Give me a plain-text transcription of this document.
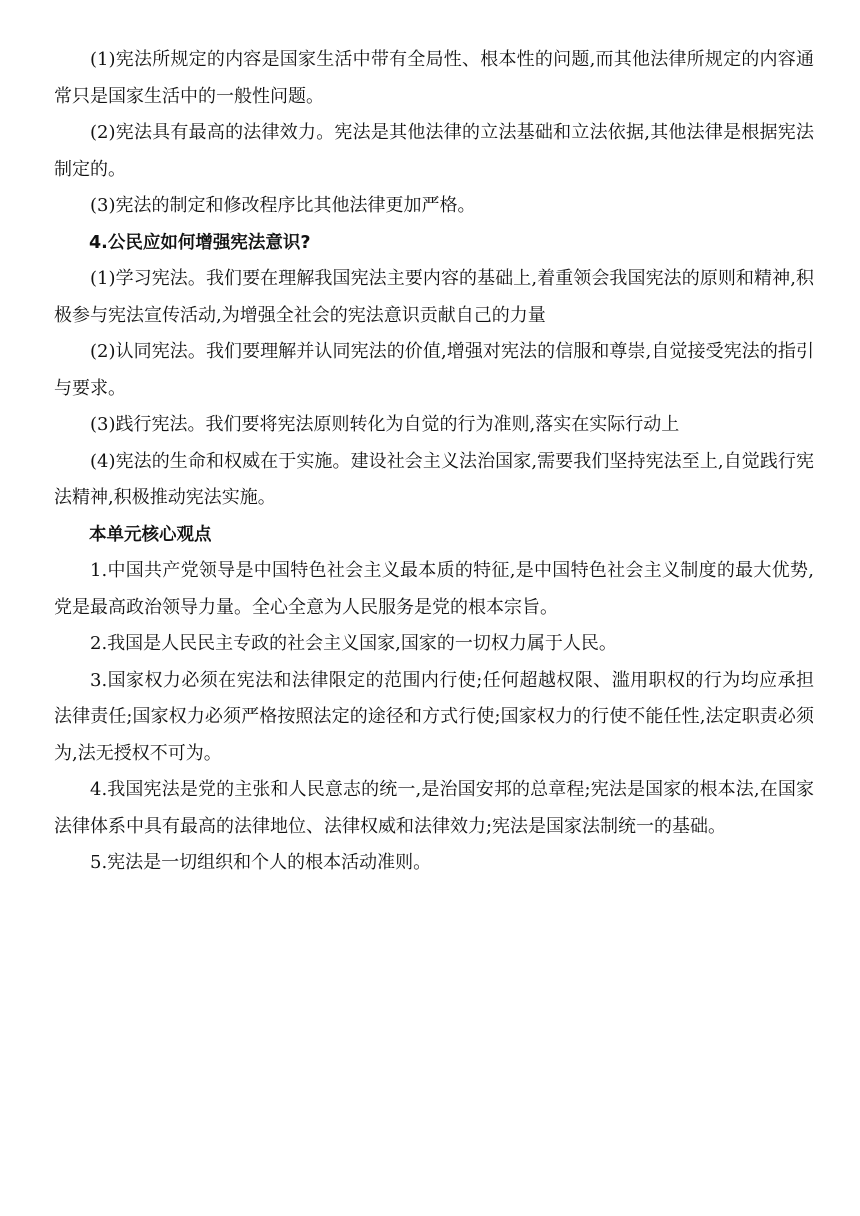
(1)宪法所规定的内容是国家生活中带有全局性、根本性的问题,而其他法律所规定的内容通常只是国家生活中的一般性问题。

(2)宪法具有最高的法律效力。宪法是其他法律的立法基础和立法依据,其他法律是根据宪法制定的。

(3)宪法的制定和修改程序比其他法律更加严格。

4.公民应如何增强宪法意识?

(1)学习宪法。我们要在理解我国宪法主要内容的基础上,着重领会我国宪法的原则和精神,积极参与宪法宣传活动,为增强全社会的宪法意识贡献自己的力量

(2)认同宪法。我们要理解并认同宪法的价值,增强对宪法的信服和尊崇,自觉接受宪法的指引与要求。

(3)践行宪法。我们要将宪法原则转化为自觉的行为准则,落实在实际行动上

(4)宪法的生命和权威在于实施。建设社会主义法治国家,需要我们坚持宪法至上,自觉践行宪法精神,积极推动宪法实施。

本单元核心观点

1.中国共产党领导是中国特色社会主义最本质的特征,是中国特色社会主义制度的最大优势,党是最高政治领导力量。全心全意为人民服务是党的根本宗旨。

2.我国是人民民主专政的社会主义国家,国家的一切权力属于人民。

3.国家权力必须在宪法和法律限定的范围内行使;任何超越权限、滥用职权的行为均应承担法律责任;国家权力必须严格按照法定的途径和方式行使;国家权力的行使不能任性,法定职责必须为,法无授权不可为。

4.我国宪法是党的主张和人民意志的统一,是治国安邦的总章程;宪法是国家的根本法,在国家法律体系中具有最高的法律地位、法律权威和法律效力;宪法是国家法制统一的基础。

5.宪法是一切组织和个人的根本活动准则。
